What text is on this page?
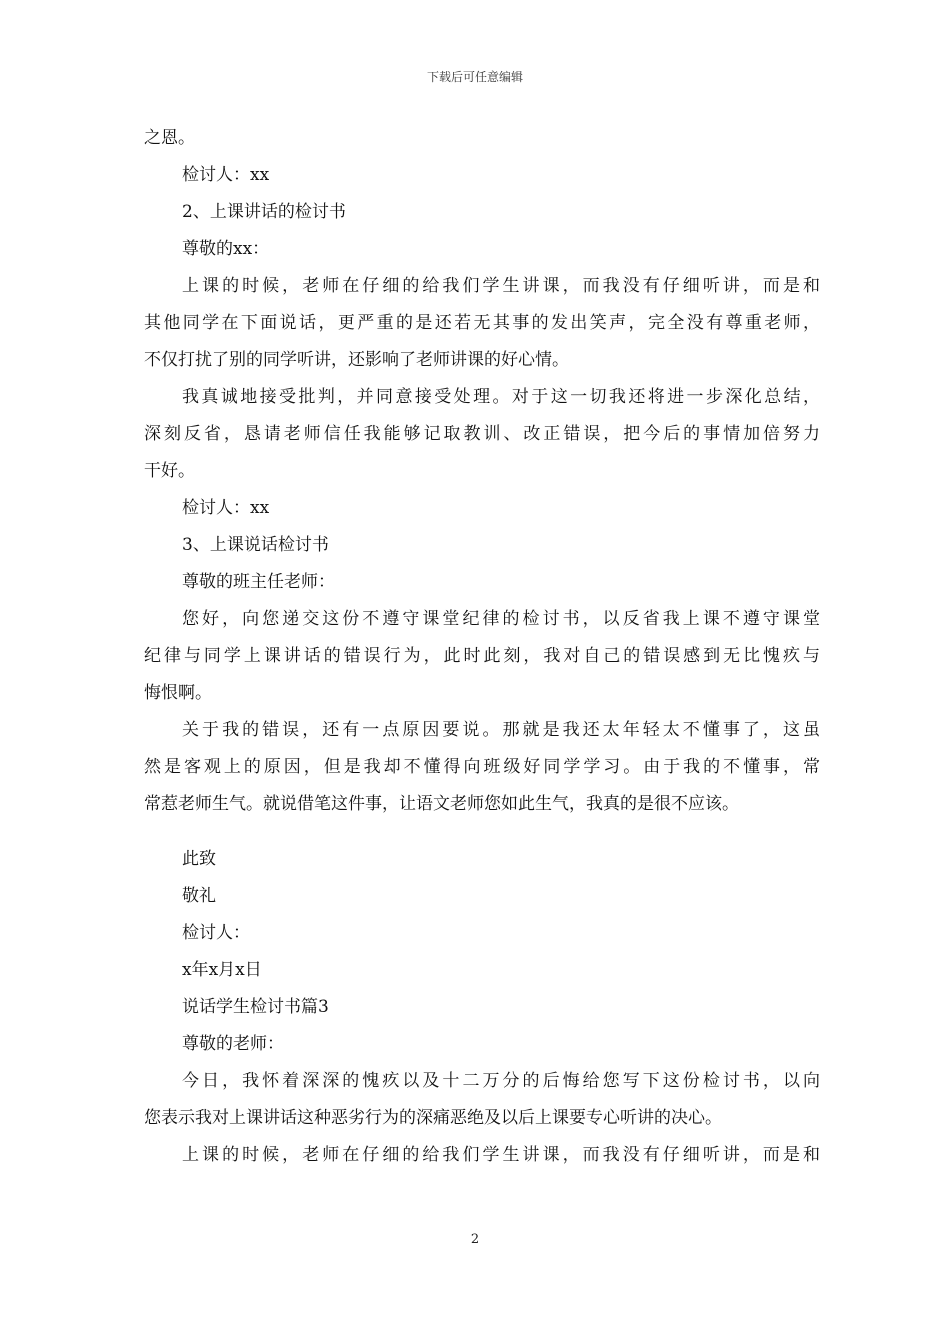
下载后可任意编辑
之恩。
检讨人：xx
2、上课讲话的检讨书
尊敬的xx：
上课的时候，老师在仔细的给我们学生讲课，而我没有仔细听讲，而是和
其他同学在下面说话，更严重的是还若无其事的发出笑声，完全没有尊重老师，
不仅打扰了别的同学听讲，还影响了老师讲课的好心情。
我真诚地接受批判，并同意接受处理。对于这一切我还将进一步深化总结，
深刻反省，恳请老师信任我能够记取教训、改正错误，把今后的事情加倍努力
干好。
检讨人：xx
3、上课说话检讨书
尊敬的班主任老师：
您好，向您递交这份不遵守课堂纪律的检讨书，以反省我上课不遵守课堂
纪律与同学上课讲话的错误行为，此时此刻，我对自己的错误感到无比愧疚与
悔恨啊。
关于我的错误，还有一点原因要说。那就是我还太年轻太不懂事了，这虽
然是客观上的原因，但是我却不懂得向班级好同学学习。由于我的不懂事，常
常惹老师生气。就说借笔这件事，让语文老师您如此生气，我真的是很不应该。
此致
敬礼
检讨人：
x年x月x日
说话学生检讨书篇3
尊敬的老师：
今日，我怀着深深的愧疚以及十二万分的后悔给您写下这份检讨书，以向
您表示我对上课讲话这种恶劣行为的深痛恶绝及以后上课要专心听讲的决心。
上课的时候，老师在仔细的给我们学生讲课，而我没有仔细听讲，而是和
2
